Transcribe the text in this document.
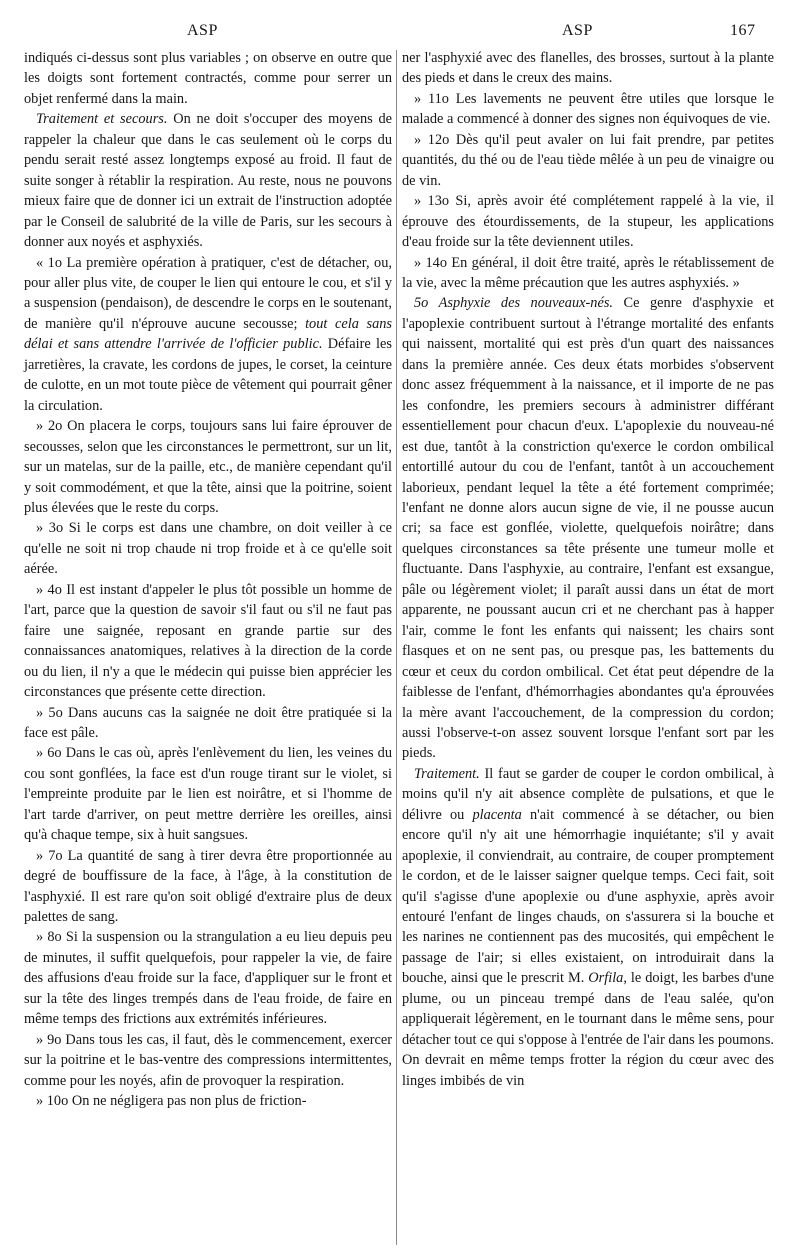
ASP	ASP	167

indiqués ci-dessus sont plus variables ; on observe en outre que les doigts sont fortement contractés, comme pour serrer un objet renfermé dans la main.

Traitement et secours. On ne doit s'occuper des moyens de rappeler la chaleur que dans le cas seulement où le corps du pendu serait resté assez longtemps exposé au froid. Il faut de suite songer à rétablir la respiration. Au reste, nous ne pouvons mieux faire que de donner ici un extrait de l'instruction adoptée par le Conseil de salubrité de la ville de Paris, sur les secours à donner aux noyés et asphyxiés.

« 1o La première opération à pratiquer, c'est de détacher, ou, pour aller plus vite, de couper le lien qui entoure le cou, et s'il y a suspension (pendaison), de descendre le corps en le soutenant, de manière qu'il n'éprouve aucune secousse; tout cela sans délai et sans attendre l'arrivée de l'officier public. Défaire les jarretières, la cravate, les cordons de jupes, le corset, la ceinture de culotte, en un mot toute pièce de vêtement qui pourrait gêner la circulation.

» 2o On placera le corps, toujours sans lui faire éprouver de secousses, selon que les circonstances le permettront, sur un lit, sur un matelas, sur de la paille, etc., de manière cependant qu'il y soit commodément, et que la tête, ainsi que la poitrine, soient plus élevées que le reste du corps.

» 3o Si le corps est dans une chambre, on doit veiller à ce qu'elle ne soit ni trop chaude ni trop froide et à ce qu'elle soit aérée.

» 4o Il est instant d'appeler le plus tôt possible un homme de l'art, parce que la question de savoir s'il faut ou s'il ne faut pas faire une saignée, reposant en grande partie sur des connaissances anatomiques, relatives à la direction de la corde ou du lien, il n'y a que le médecin qui puisse bien apprécier les circonstances que présente cette direction.

» 5o Dans aucuns cas la saignée ne doit être pratiquée si la face est pâle.

» 6o Dans le cas où, après l'enlèvement du lien, les veines du cou sont gonflées, la face est d'un rouge tirant sur le violet, si l'empreinte produite par le lien est noirâtre, et si l'homme de l'art tarde d'arriver, on peut mettre derrière les oreilles, ainsi qu'à chaque tempe, six à huit sangsues.

» 7o La quantité de sang à tirer devra être proportionnée au degré de bouffissure de la face, à l'âge, à la constitution de l'asphyxié. Il est rare qu'on soit obligé d'extraire plus de deux palettes de sang.

» 8o Si la suspension ou la strangulation a eu lieu depuis peu de minutes, il suffit quelquefois, pour rappeler la vie, de faire des affusions d'eau froide sur la face, d'appliquer sur le front et sur la tête des linges trempés dans de l'eau froide, de faire en même temps des frictions aux extrémités inférieures.

» 9o Dans tous les cas, il faut, dès le commencement, exercer sur la poitrine et le bas-ventre des compressions intermittentes, comme pour les noyés, afin de provoquer la respiration.

» 10o On ne négligera pas non plus de friction-

ner l'asphyxié avec des flanelles, des brosses, surtout à la plante des pieds et dans le creux des mains.

» 11o Les lavements ne peuvent être utiles que lorsque le malade a commencé à donner des signes non équivoques de vie.

» 12o Dès qu'il peut avaler on lui fait prendre, par petites quantités, du thé ou de l'eau tiède mêlée à un peu de vinaigre ou de vin.

» 13o Si, après avoir été complétement rappelé à la vie, il éprouve des étourdissements, de la stupeur, les applications d'eau froide sur la tête deviennent utiles.

» 14o En général, il doit être traité, après le rétablissement de la vie, avec la même précaution que les autres asphyxiés. »

5o Asphyxie des nouveaux-nés. Ce genre d'asphyxie et l'apoplexie contribuent surtout à l'étrange mortalité des enfants qui naissent, mortalité qui est près d'un quart des naissances dans la première année. Ces deux états morbides s'observent donc assez fréquemment à la naissance, et il importe de ne pas les confondre, les premiers secours à administrer différant essentiellement pour chacun d'eux. L'apoplexie du nouveau-né est due, tantôt à la constriction qu'exerce le cordon ombilical entortillé autour du cou de l'enfant, tantôt à un accouchement laborieux, pendant lequel la tête a été fortement comprimée; l'enfant ne donne alors aucun signe de vie, il ne pousse aucun cri; sa face est gonflée, violette, quelquefois noirâtre; dans quelques circonstances sa tête présente une tumeur molle et fluctuante. Dans l'asphyxie, au contraire, l'enfant est exsangue, pâle ou légèrement violet; il paraît aussi dans un état de mort apparente, ne poussant aucun cri et ne cherchant pas à happer l'air, comme le font les enfants qui naissent; les chairs sont flasques et on ne sent pas, ou presque pas, les battements du cœur et ceux du cordon ombilical. Cet état peut dépendre de la faiblesse de l'enfant, d'hémorrhagies abondantes qu'a éprouvées la mère avant l'accouchement, de la compression du cordon; aussi l'observe-t-on assez souvent lorsque l'enfant sort par les pieds.

Traitement. Il faut se garder de couper le cordon ombilical, à moins qu'il n'y ait absence complète de pulsations, et que le délivre ou placenta n'ait commencé à se détacher, ou bien encore qu'il n'y ait une hémorrhagie inquiétante; s'il y avait apoplexie, il conviendrait, au contraire, de couper promptement le cordon, et de le laisser saigner quelque temps. Ceci fait, soit qu'il s'agisse d'une apoplexie ou d'une asphyxie, après avoir entouré l'enfant de linges chauds, on s'assurera si la bouche et les narines ne contiennent pas des mucosités, qui empêchent le passage de l'air; si elles existaient, on introduirait dans la bouche, ainsi que le prescrit M. Orfila, le doigt, les barbes d'une plume, ou un pinceau trempé dans de l'eau salée, qu'on appliquerait légèrement, en le tournant dans le même sens, pour détacher tout ce qui s'oppose à l'entrée de l'air dans les poumons. On devrait en même temps frotter la région du cœur avec des linges imbibés de vin
